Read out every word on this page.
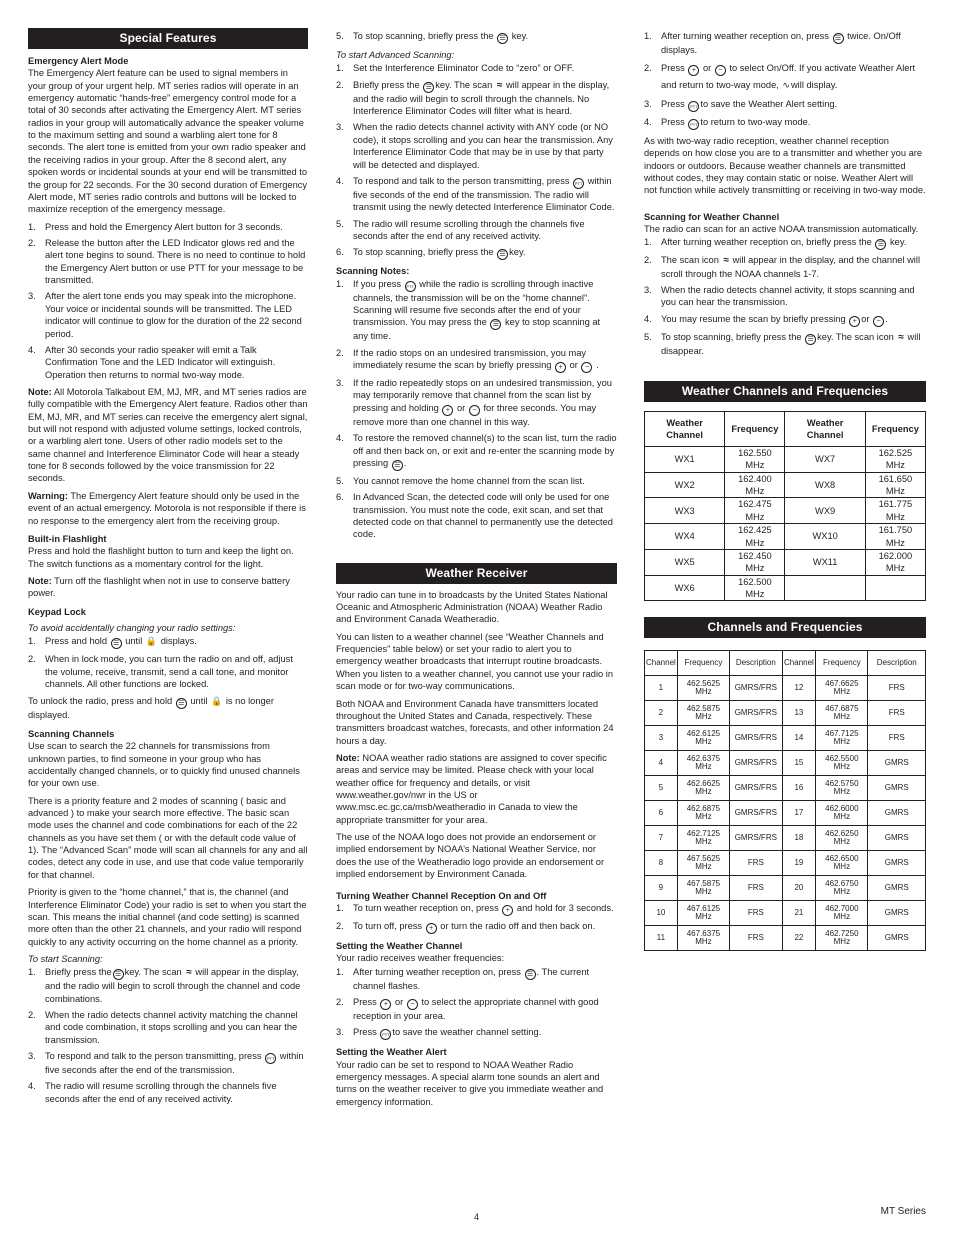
Special Features
Emergency Alert Mode

The Emergency Alert feature can be used to signal members in your group of your urgent help. MT series radios will operate in an emergency automatic “hands-free” emergency control mode for a total of 30 seconds after activating the Emergency Alert. MT series radios in your group will automatically advance the speaker volume to the maximum setting and sound a warbling alert tone for 8 seconds. The alert tone is emitted from your own radio speaker and the receiving radios in your group. After the 8 second alert, any spoken words or incidental sounds at your end will be transmitted to the group for 22 seconds. For the 30 second duration of Emergency Alert mode, MT series radio controls and buttons will be locked to maximize reception of the emergency message.

1. Press and hold the Emergency Alert button for 3 seconds.
2. Release the button after the LED Indicator glows red and the alert tone begins to sound. There is no need to continue to hold the Emergency Alert button or use PTT for your message to be transmitted.
3. After the alert tone ends you may speak into the microphone. Your voice or incidental sounds will be transmitted. The LED indicator will continue to glow for the duration of the 22 second period.
4. After 30 seconds your radio speaker will emit a Talk Confirmation Tone and the LED Indicator will extinguish. Operation then returns to normal two-way mode.

Note: All Motorola Talkabout EM, MJ, MR, and MT series radios are fully compatible with the Emergency Alert feature. Radios other than EM, MJ, MR, and MT series can receive the emergency alert signal, but will not respond with adjusted volume settings, locked controls, or a warbling alert tone. Users of other radio models set to the same channel and Interference Eliminator Code will hear a steady tone for 8 seconds followed by the voice transmission for 22 seconds.

Warning: The Emergency Alert feature should only be used in the event of an actual emergency. Motorola is not responsible if there is no response to the emergency alert from the receiving group.

Built-in Flashlight

Press and hold the flashlight button to turn and keep the light on. The switch functions as a momentary control for the light.

Note: Turn off the flashlight when not in use to conserve battery power.

Keypad Lock
To avoid accidentally changing your radio settings:
1. Press and hold ☰ until 🔒 displays.
2. When in lock mode, you can turn the radio on and off, adjust the volume, receive, transmit, send a call tone, and monitor channels. All other functions are locked.

To unlock the radio, press and hold ☰ until 🔒 is no longer displayed.

Scanning Channels

Use scan to search the 22 channels for transmissions from unknown parties, to find someone in your group who has accidentally changed channels, or to quickly find unused channels for your own use.

There is a priority feature and 2 modes of scanning ( basic and advanced ) to make your search more effective. The basic scan mode uses the channel and code combinations for each of the 22 channels as you have set them ( or with the default code value of 1). The “Advanced Scan” mode will scan all channels for any and all codes, detect any code in use, and use that code value temporarily for that channel.

Priority is given to the “home channel,” that is, the channel (and Interference Eliminator Code) your radio is set to when you start the scan. This means the initial channel (and code setting) is scanned more often than the other 21 channels, and your radio will respond quickly to any activity occurring on the home channel as a priority.

To start Scanning:
1. Briefly press the ☰ key. The scan ≈ will appear in the display, and the radio will begin to scroll through the channel and code combinations.
2. When the radio detects channel activity matching the channel and code combination, it stops scrolling and you can hear the transmission.
3. To respond and talk to the person transmitting, press PTT within five seconds after the end of the transmission.
4. The radio will resume scrolling through the channels five seconds after the end of any received activity.
5. To stop scanning, briefly press the ☰ key.
To start Advanced Scanning:
1. Set the Interference Eliminator Code to “zero” or OFF.
2. Briefly press the ☰ key. The scan ≈ will appear in the display, and the radio will begin to scroll through the channels. No Interference Eliminator Codes will filter what is heard.
3. When the radio detects channel activity with ANY code (or NO code), it stops scrolling and you can hear the transmission. Any Interference Eliminator Code that may be in use by that party will be detected and displayed.
4. To respond and talk to the person transmitting, press PTT within five seconds of the end of the transmission. The radio will transmit using the newly detected Interference Eliminator Code.
5. The radio will resume scrolling through the channels five seconds after the end of any received activity.
6. To stop scanning, briefly press the ☰ key.
Scanning Notes:
1. If you press PTT while the radio is scrolling through inactive channels, the transmission will be on the “home channel”. Scanning will resume five seconds after the end of your transmission. You may press the ☰ key to stop scanning at any time.
2. If the radio stops on an undesired transmission, you may immediately resume the scan by briefly pressing + or − .
3. If the radio repeatedly stops on an undesired transmission, you may temporarily remove that channel from the scan list by pressing and holding + or − for three seconds. You may remove more than one channel in this way.
4. To restore the removed channel(s) to the scan list, turn the radio off and then back on, or exit and re-enter the scanning mode by pressing ☰ .
5. You cannot remove the home channel from the scan list.
6. In Advanced Scan, the detected code will only be used for one transmission. You must note the code, exit scan, and set that detected code on that channel to permanently use the detected code.
Weather Receiver

Your radio can tune in to broadcasts by the United States National Oceanic and Atmospheric Administration (NOAA) Weather Radio and Environment Canada Weatheradio.

You can listen to a weather channel (see “Weather Channels and Frequencies” table below) or set your radio to alert you to emergency weather broadcasts that interrupt routine broadcasts. When you listen to a weather channel, you cannot use your radio in scan mode or for two-way communications.

Both NOAA and Environment Canada have transmitters located throughout the United States and Canada, respectively. These transmitters broadcast watches, forecasts, and other information 24 hours a day.

Note: NOAA weather radio stations are assigned to cover specific areas and service may be limited. Please check with your local weather office for frequency and details, or visit www.weather.gov/nwr in the US or www.msc.ec.gc.ca/msb/weatheradio in Canada to view the appropriate transmitter for your area.

The use of the NOAA logo does not provide an endorsement or implied endorsement by NOAA’s National Weather Service, nor does the use of the Weatheradio logo provide an endorsement or implied endorsement by Environment Canada.

Turning Weather Channel Reception On and Off
1. To turn weather reception on, press + and hold for 3 seconds.
2. To turn off, press + or turn the radio off and then back on.
Setting the Weather Channel

Your radio receives weather frequencies:

1. After turning weather reception on, press ☰ . The current channel flashes.
2. Press + or − to select the appropriate channel with good reception in your area.
3. Press PTT to save the weather channel setting.
Setting the Weather Alert

Your radio can be set to respond to NOAA Weather Radio emergency messages. A special alarm tone sounds an alert and turns on the weather receiver to give you immediate weather and emergency information.

1. After turning weather reception on, press ☰ twice. On/Off displays.
2. Press + or − to select On/Off. If you activate Weather Alert and return to two-way mode, ∿will display.
3. Press PTT to save the Weather Alert setting.
4. Press PTT to return to two-way mode.

As with two-way radio reception, weather channel reception depends on how close you are to a transmitter and whether you are indoors or outdoors. Because weather channels are transmitted without codes, they may contain static or noise. Weather Alert will not function while actively transmitting or receiving in two-way mode.

Scanning for Weather Channel

The radio can scan for an active NOAA transmission automatically.

1. After turning weather reception on, briefly press the ☰ key.
2. The scan icon ≈ will appear in the display, and the channel will scroll through the NOAA channels 1-7.
3. When the radio detects channel activity, it stops scanning and you can hear the transmission.
4. You may resume the scan by briefly pressing + or − .
5. To stop scanning, briefly press the ☰ key. The scan icon ≈ will disappear.
Weather Channels and Frequencies
Weather Channel	Frequency	Weather Channel	Frequency
WX1	162.550 MHz	WX7	162.525 MHz
WX2	162.400 MHz	WX8	161.650 MHz
WX3	162.475 MHz	WX9	161.775 MHz
WX4	162.425 MHz	WX10	161.750 MHz
WX5	162.450 MHz	WX11	162.000 MHz
WX6	162.500 MHz		
Channels and Frequencies
Channel	Frequency	Description	Channel	Frequency	Description
1	462.5625 MHz	GMRS/FRS	12	467.6625 MHz	FRS
2	462.5875 MHz	GMRS/FRS	13	467.6875 MHz	FRS
3	462.6125 MHz	GMRS/FRS	14	467.7125 MHz	FRS
4	462.6375 MHz	GMRS/FRS	15	462.5500 MHz	GMRS
5	462.6625 MHz	GMRS/FRS	16	462.5750 MHz	GMRS
6	462.6875 MHz	GMRS/FRS	17	462.6000 MHz	GMRS
7	462.7125 MHz	GMRS/FRS	18	462.6250 MHz	GMRS
8	467.5625 MHz	FRS	19	462.6500 MHz	GMRS
9	467.5875 MHz	FRS	20	462.6750 MHz	GMRS
10	467.6125 MHz	FRS	21	462.7000 MHz	GMRS
11	467.6375 MHz	FRS	22	462.7250 MHz	GMRS
4	MT Series
